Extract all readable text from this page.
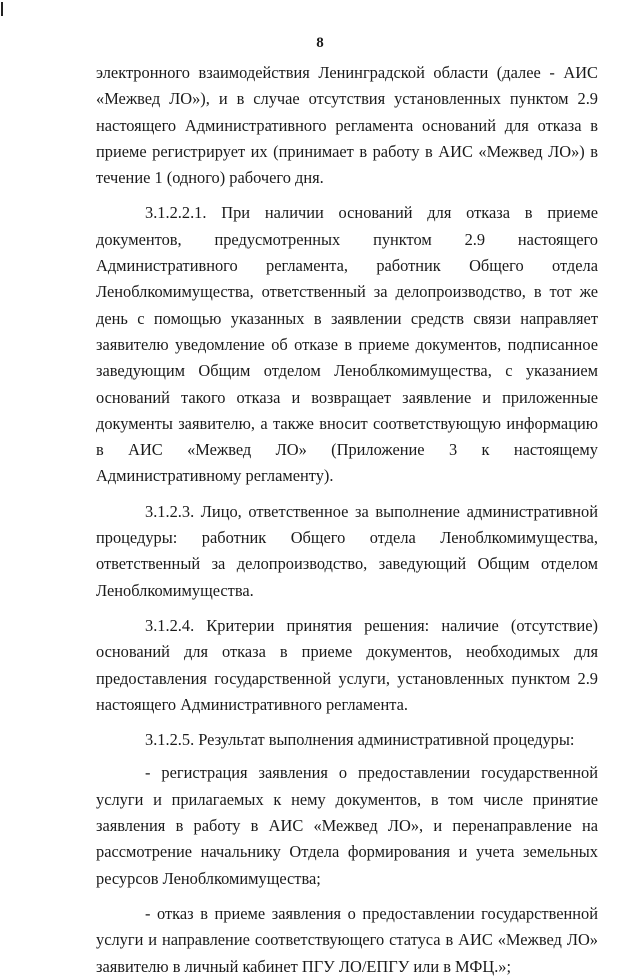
8

электронного взаимодействия Ленинградской области (далее - АИС «Межвед ЛО»), и в случае отсутствия установленных пунктом 2.9 настоящего Административного регламента оснований для отказа в приеме регистрирует их (принимает в работу в АИС «Межвед ЛО») в течение 1 (одного) рабочего дня.

3.1.2.2.1. При наличии оснований для отказа в приеме документов, предусмотренных пунктом 2.9 настоящего Административного регламента, работник Общего отдела Леноблкомимущества, ответственный за делопроизводство, в тот же день с помощью указанных в заявлении средств связи направляет заявителю уведомление об отказе в приеме документов, подписанное заведующим Общим отделом Леноблкомимущества, с указанием оснований такого отказа и возвращает заявление и приложенные документы заявителю, а также вносит соответствующую информацию в АИС «Межвед ЛО» (Приложение 3 к настоящему Административному регламенту).

3.1.2.3. Лицо, ответственное за выполнение административной процедуры: работник Общего отдела Леноблкомимущества, ответственный за делопроизводство, заведующий Общим отделом Леноблкомимущества.

3.1.2.4. Критерии принятия решения: наличие (отсутствие) оснований для отказа в приеме документов, необходимых для предоставления государственной услуги, установленных пунктом 2.9 настоящего Административного регламента.

3.1.2.5. Результат выполнения административной процедуры:

- регистрация заявления о предоставлении государственной услуги и прилагаемых к нему документов, в том числе принятие заявления в работу в АИС «Межвед ЛО», и перенаправление на рассмотрение начальнику Отдела формирования и учета земельных ресурсов Леноблкомимущества;

- отказ в приеме заявления о предоставлении государственной услуги и направление соответствующего статуса в АИС «Межвед ЛО» заявителю в личный кабинет ПГУ ЛО/ЕПГУ или в МФЦ.»;
